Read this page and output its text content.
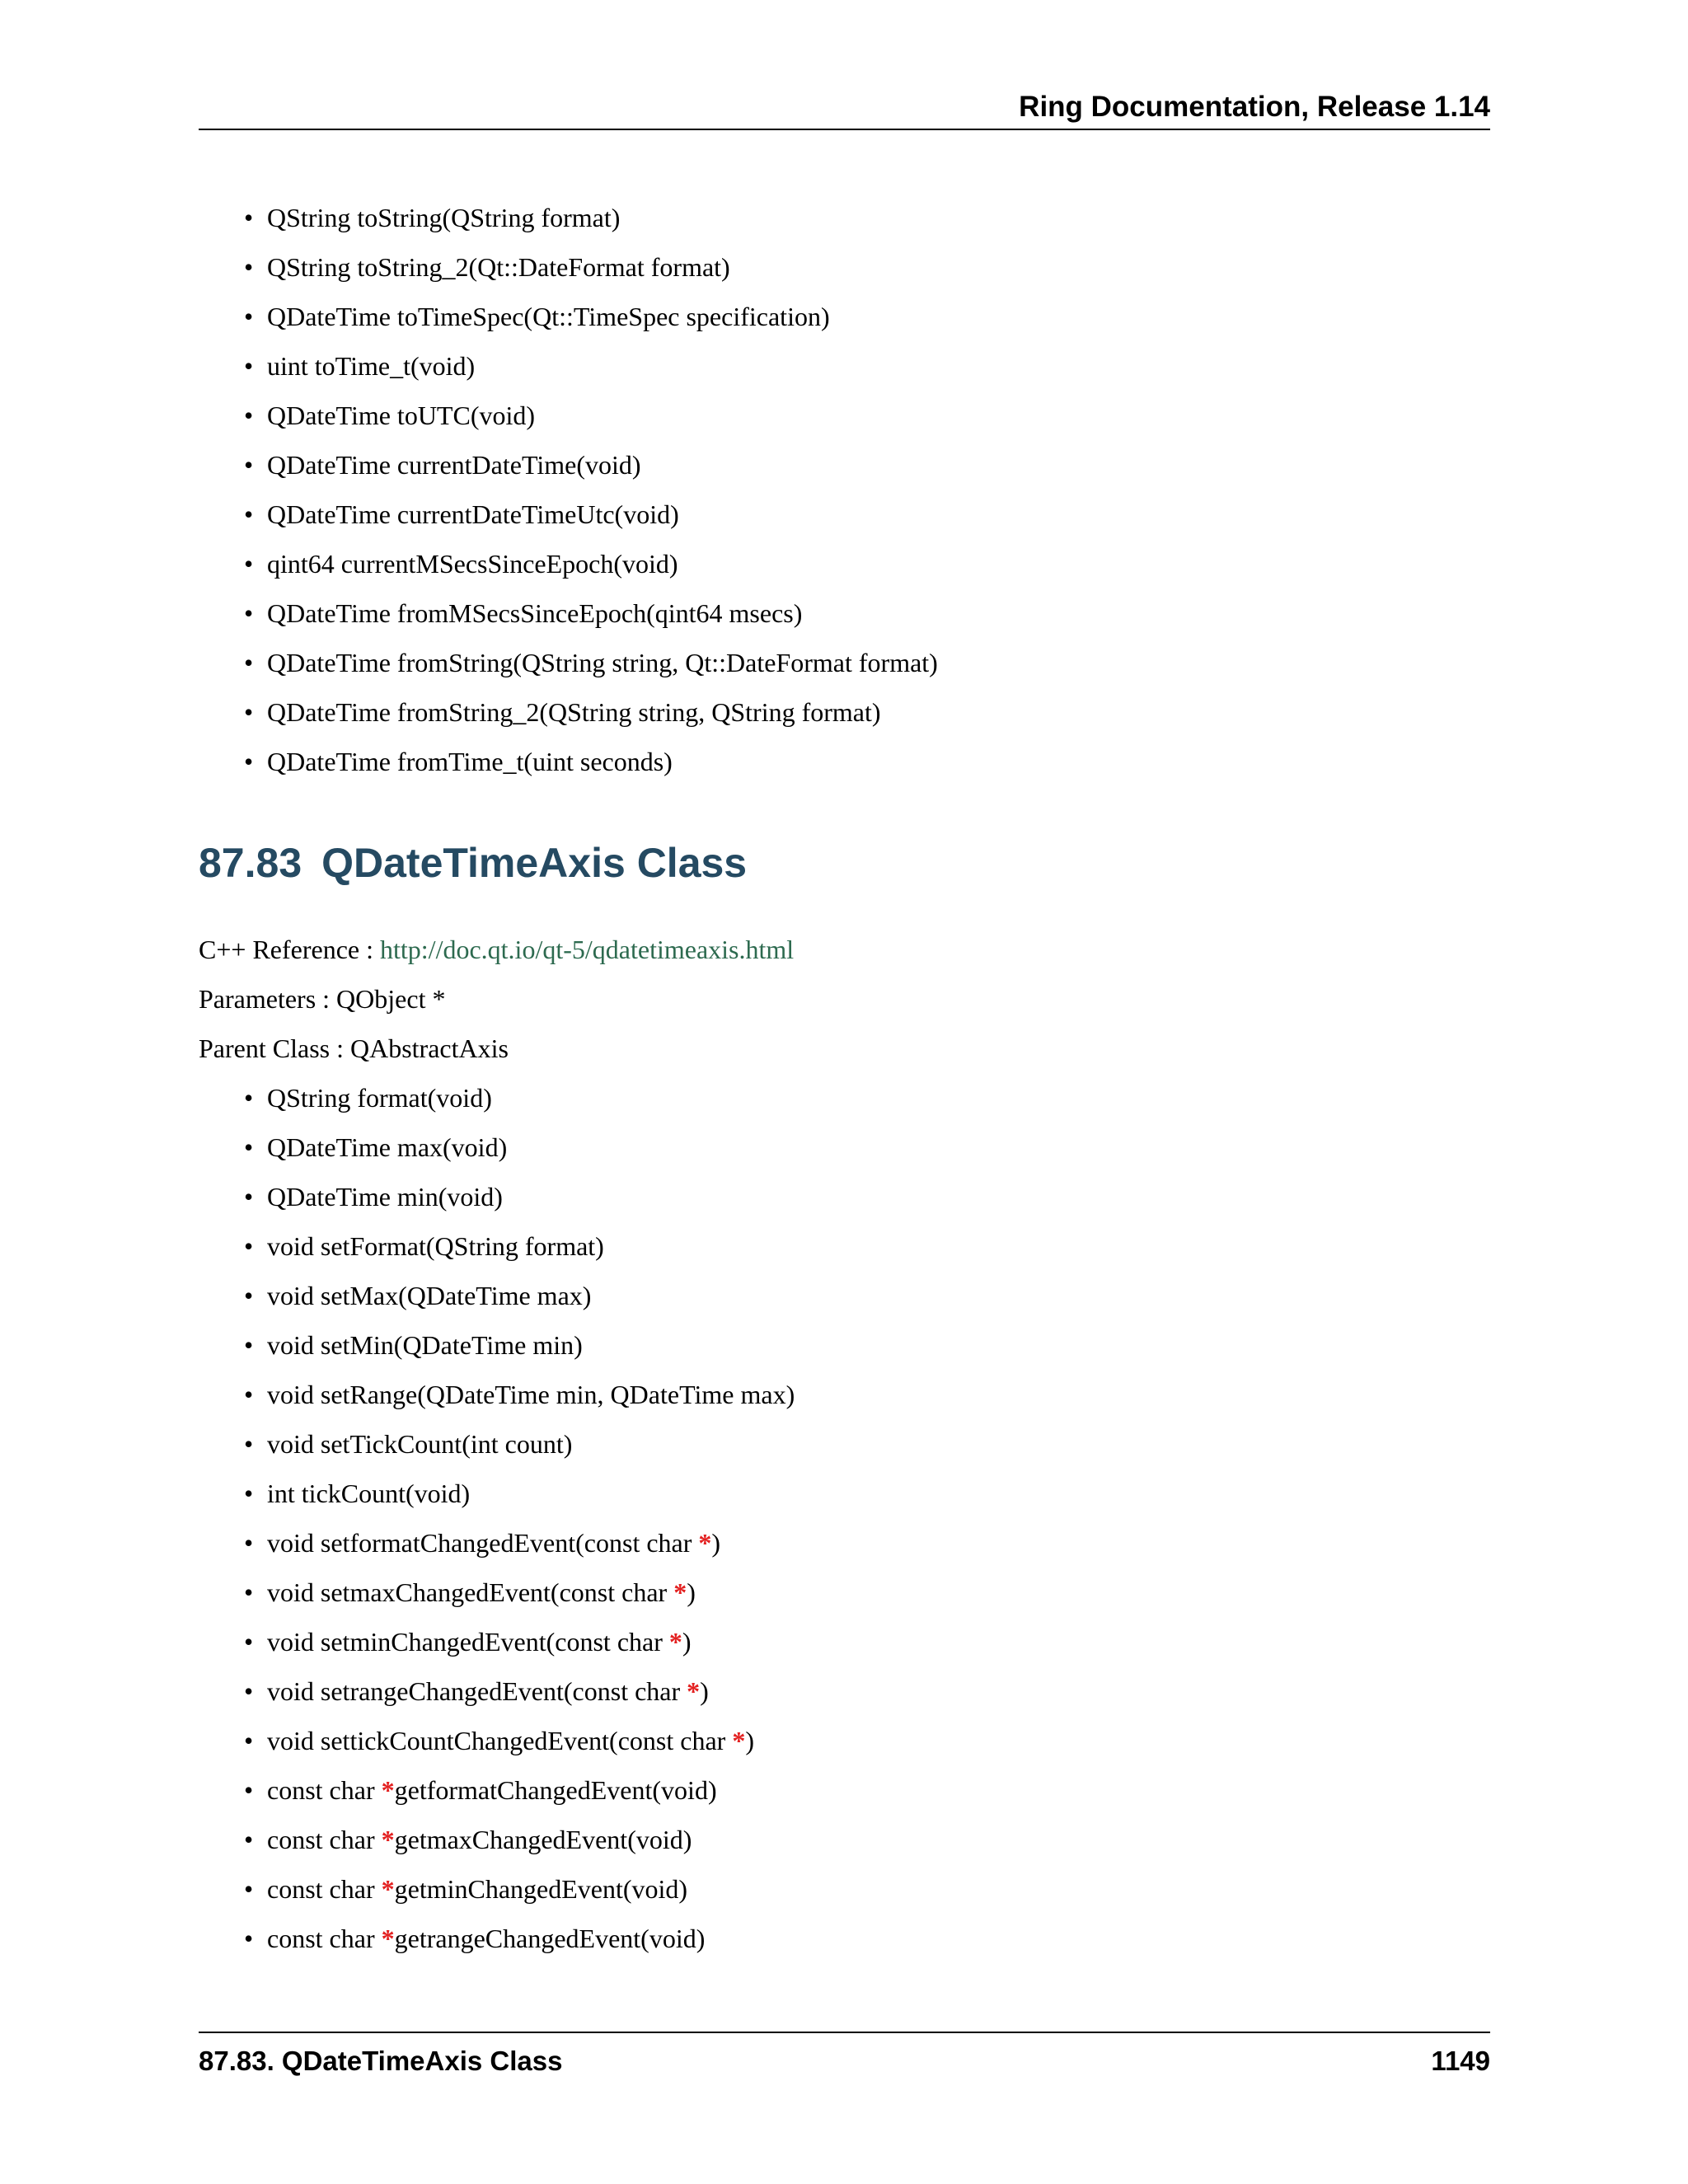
Ring Documentation, Release 1.14
• QString toString(QString format)
• QString toString_2(Qt::DateFormat format)
• QDateTime toTimeSpec(Qt::TimeSpec specification)
• uint toTime_t(void)
• QDateTime toUTC(void)
• QDateTime currentDateTime(void)
• QDateTime currentDateTimeUtc(void)
• qint64 currentMSecsSinceEpoch(void)
• QDateTime fromMSecsSinceEpoch(qint64 msecs)
• QDateTime fromString(QString string, Qt::DateFormat format)
• QDateTime fromString_2(QString string, QString format)
• QDateTime fromTime_t(uint seconds)
87.83 QDateTimeAxis Class

C++ Reference : http://doc.qt.io/qt-5/qdatetimeaxis.html

Parameters : QObject *

Parent Class : QAbstractAxis

• QString format(void)
• QDateTime max(void)
• QDateTime min(void)
• void setFormat(QString format)
• void setMax(QDateTime max)
• void setMin(QDateTime min)
• void setRange(QDateTime min, QDateTime max)
• void setTickCount(int count)
• int tickCount(void)
• void setformatChangedEvent(const char *)
• void setmaxChangedEvent(const char *)
• void setminChangedEvent(const char *)
• void setrangeChangedEvent(const char *)
• void settickCountChangedEvent(const char *)
• const char *getformatChangedEvent(void)
• const char *getmaxChangedEvent(void)
• const char *getminChangedEvent(void)
• const char *getrangeChangedEvent(void)
87.83. QDateTimeAxis Class	1149
